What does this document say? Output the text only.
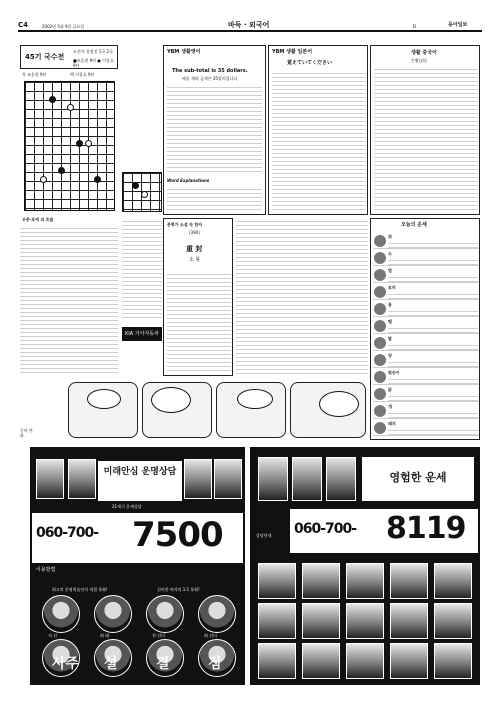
C4	2002년 5월 9일 금요일	바둑 · 외국어	D	동아일보
45기 국수전
도전자 결정전 1국 2국
■조훈현 9단 ● 이창호 9단
흑 조훈현 9단	백 이창호 9단
우중·포에 의 흐름
KIA 기아자동차
YBM 생활영어
The sub-total is 35 dollars.
배송 제외 금액은 35달러입니다
Word Explanations
YBM 생활 일본어
覚えていてください
생활 중국어
生활汉语
문학가 소설 속 한자
(390)
重 封
소 봉
오늘의 운세
쥐
소
범
토끼
용
뱀
말
양
원숭이
닭
개
돼지
동아 만화
미래안심 운명상담
21세기 운세상담
060-700- 7500
이용방법
최고의 운명역술인의 직접 통화!	신비한 여자의 1:1 통화!
사주 설	결	점
지 선	최 태	천 선녀	최 선녀
영험한 운세
상담안내 060-700- 8119
